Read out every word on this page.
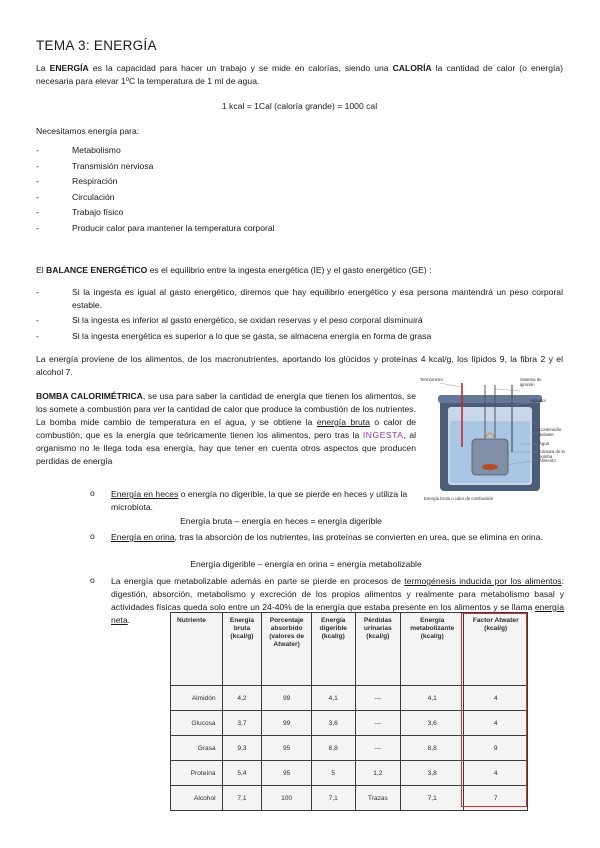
TEMA 3: ENERGÍA

La ENERGÍA es la capacidad para hacer un trabajo y se mide en calorías, siendo una CALORÍA la cantidad de calor (o energía) necesaria para elevar 1ºC la temperatura de 1 ml de agua.

1 kcal = 1Cal (caloría grande) = 1000 cal
Necesitamos energía para:
- Metabolismo
- Transmisión nerviosa
- Respiración
- Circulación
- Trabajo físico
- Producir calor para mantener la temperatura corporal

El BALANCE ENERGÉTICO es el equilibrio entre la ingesta energética (IE) y el gasto energético (GE) :

- Si la ingesta es igual al gasto energético, diremos que hay equilibrio energético y esa persona mantendrá un peso corporal estable.
- Si la ingesta es inferior al gasto energético, se oxidan reservas y el peso corporal disminuirá
- Si la ingesta energética es superior a lo que se gasta, se almacena energía en forma de grasa

La energía proviene de los alimentos, de los macronutrientes, aportando los glúcidos y proteínas 4 kcal/g, los lípidos 9, la fibra 2 y el alcohol 7.

BOMBA CALORIMÉTRICA, se usa para saber la cantidad de energía que tienen los alimentos, se los somete a combustión para ver la cantidad de calor que produce la combustión de los nutrientes. La bomba mide cambio de temperatura en el agua, y se obtiene la energía bruta o calor de combustión, que es la energía que teóricamente tienen los alimentos, pero tras la INGESTA, al organismo no le llega toda esa energía, hay que tener en cuenta otros aspectos que producen perdidas de energía

Termómetro	Sistema de ignición
Agitador
Contenedor aislante
Agua
Cámara de la bomba
Alimento
Energía bruta o calor de combustión
o Energía en heces o energía no digerible, la que se pierde en heces y utiliza la microbiota.

Energía bruta – energía en heces = energía digerible
o Energía en orina, tras la absorción de los nutrientes, las proteínas se convierten en urea, que se elimina en orina.

Energía digerible – energía en orina = energía metabolizable
o La energía que metabolizable además en parte se pierde en procesos de termogénesis inducida por los alimentos: digestión, absorción, metabolismo y excreción de los propios alimentos y realmente para metabolismo basal y actividades físicas queda solo entre un 24-40% de la energía que estaba presente en los alimentos y se llama energía neta.	Nutriente	Energía bruta (kcal/g)	Porcentaje absorbido (valores de Atwater)	Energía digerible (kcal/g)	Pérdidas urinarias (kcal/g)	Energía metabolizante (kcal/g)	Factor Atwater (kcal/g)
Almidón	4,2	99	4,1	---	4,1	4
Glucosa	3,7	99	3,6	---	3,6	4
Grasa	9,3	95	8,8	---	8,8	9
Proteína	5,4	95	5	1,2	3,8	4
Alcohol	7,1	100	7,1	Trazas	7,1	7
